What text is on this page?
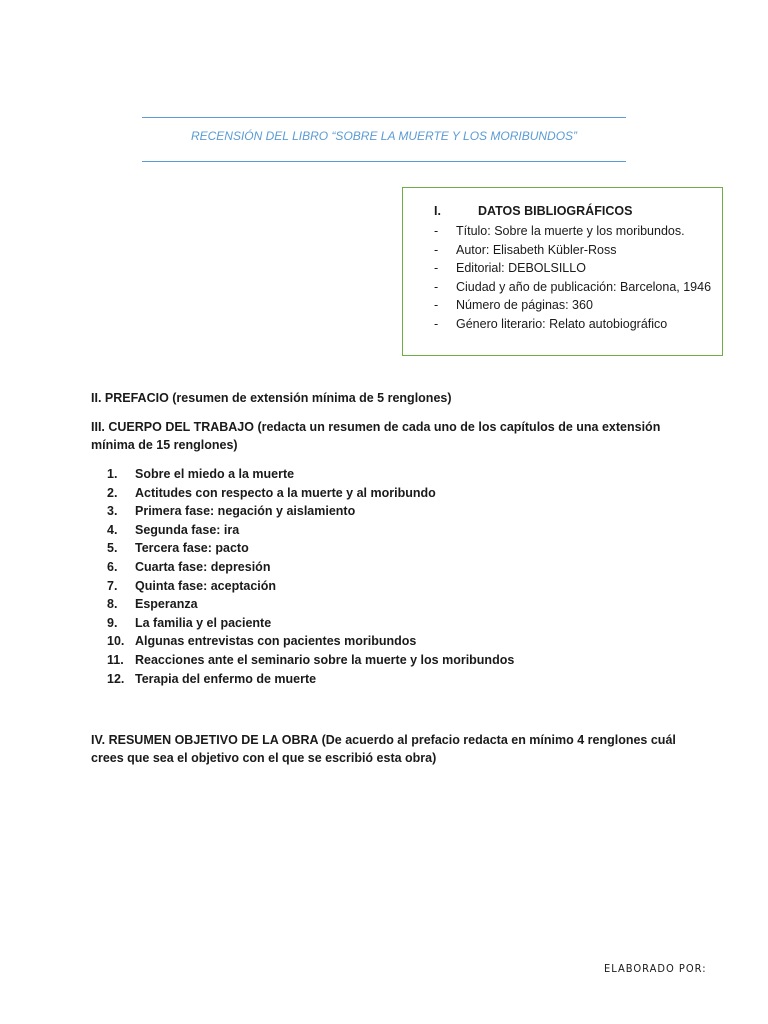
RECENSIÓN DEL LIBRO “SOBRE LA MUERTE Y LOS MORIBUNDOS”
I.	DATOS BIBLIOGRÁFICOS
- Título: Sobre la muerte y los moribundos.
- Autor: Elisabeth Kübler-Ross
- Editorial: DEBOLSILLO
- Ciudad y año de publicación: Barcelona, 1946
- Número de páginas: 360
- Género literario: Relato autobiográfico
II. PREFACIO (resumen de extensión mínima de 5 renglones)
III. CUERPO DEL TRABAJO (redacta un resumen de cada uno de los capítulos de una extensión mínima de 15 renglones)
1. Sobre el miedo a la muerte
2. Actitudes con respecto a la muerte y al moribundo
3. Primera fase: negación y aislamiento
4. Segunda fase: ira
5. Tercera fase: pacto
6. Cuarta fase: depresión
7. Quinta fase: aceptación
8. Esperanza
9. La familia y el paciente
10. Algunas entrevistas con pacientes moribundos
11. Reacciones ante el seminario sobre la muerte y los moribundos
12. Terapia del enfermo de muerte
IV. RESUMEN OBJETIVO DE LA OBRA (De acuerdo al prefacio redacta en mínimo 4 renglones cuál crees que sea el objetivo con el que se escribió esta obra)
ELABORADO POR:
